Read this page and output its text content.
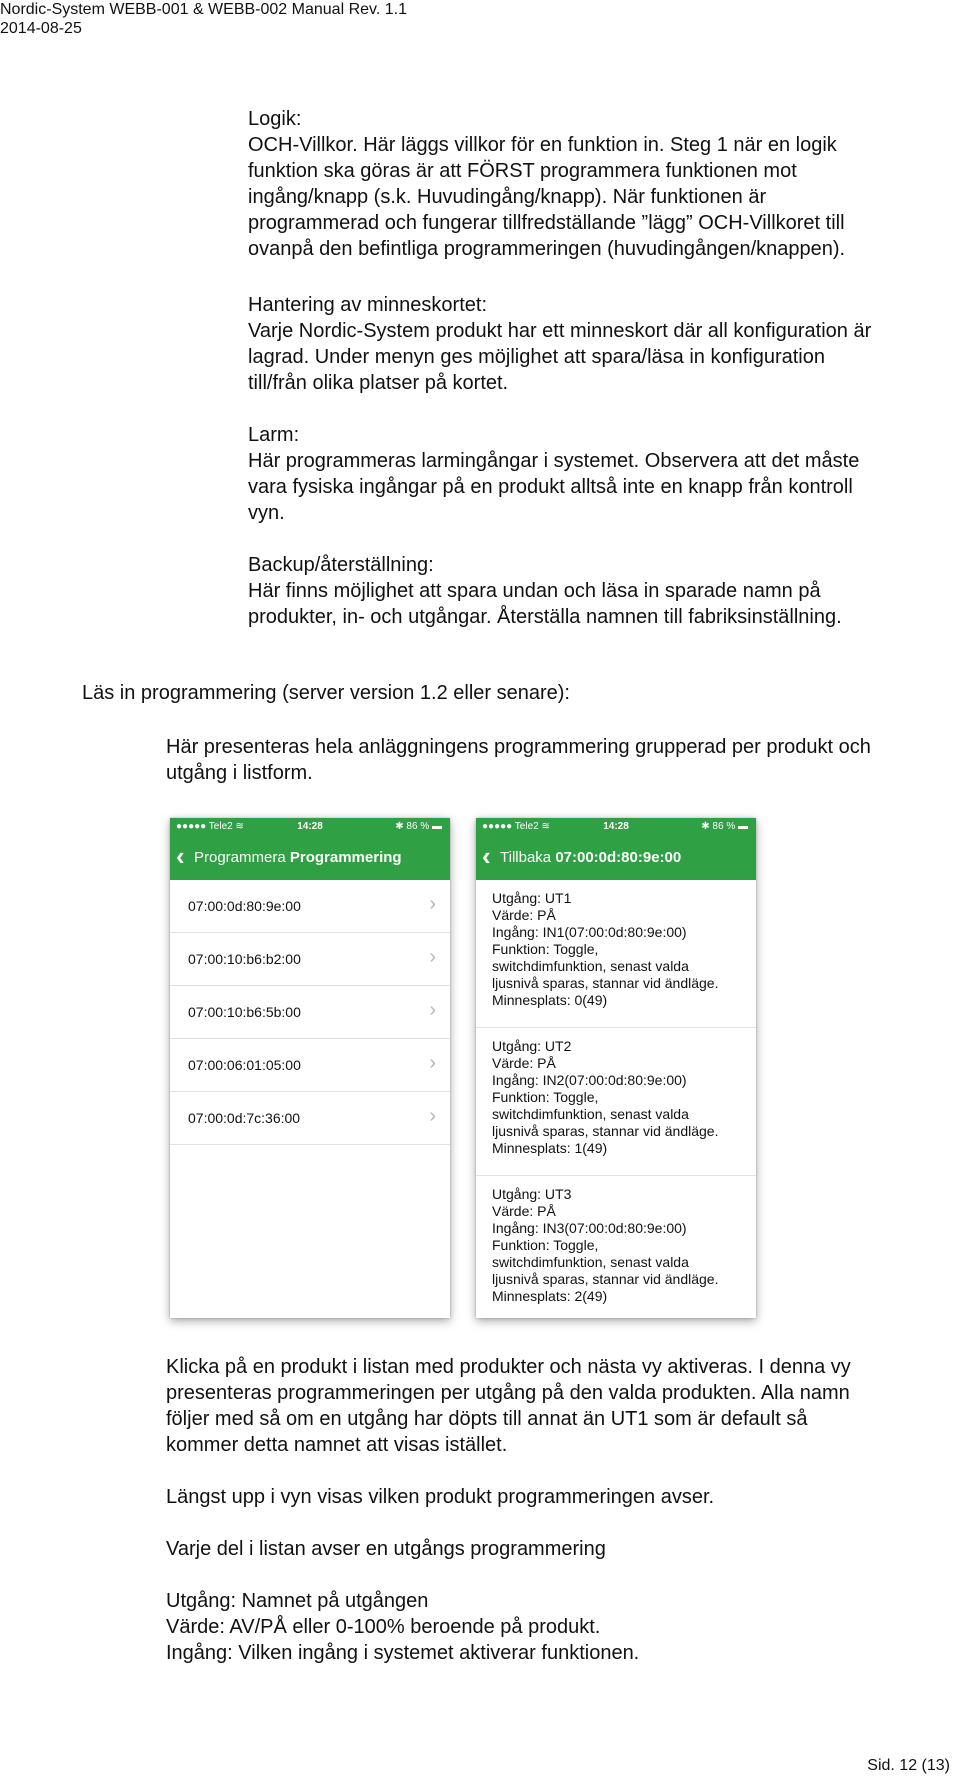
Nordic-System WEBB-001 & WEBB-002 Manual Rev. 1.1
2014-08-25
Logik:

OCH-Villkor. Här läggs villkor för en funktion in. Steg 1 när en logik

funktion ska göras är att FÖRST programmera funktionen mot

ingång/knapp (s.k. Huvudingång/knapp). När funktionen är

programmerad och fungerar tillfredställande ”lägg” OCH-Villkoret till

ovanpå den befintliga programmeringen (huvudingången/knappen).

Hantering av minneskortet:

Varje Nordic-System produkt har ett minneskort där all konfiguration är

lagrad. Under menyn ges möjlighet att spara/läsa in konfiguration

till/från olika platser på kortet.

Larm:

Här programmeras larmingångar i systemet. Observera att det måste

vara fysiska ingångar på en produkt alltså inte en knapp från kontroll

vyn.

Backup/återställning:

Här finns möjlighet att spara undan och läsa in sparade namn på

produkter, in- och utgångar. Återställa namnen till fabriksinställning.

Läs in programmering (server version 1.2 eller senare):

Här presenteras hela anläggningens programmering grupperad per produkt och

utgång i listform.

●●●●● Tele2 ≋	14:28	✱ 86 % ▬
‹ Programmera Programmering
07:00:0d:80:9e:00	›
07:00:10:b6:b2:00	›
07:00:10:b6:5b:00	›
07:00:06:01:05:00	›
07:00:0d:7c:36:00	›
●●●●● Tele2 ≋	14:28	✱ 86 % ▬
‹ Tillbaka 07:00:0d:80:9e:00
Utgång: UT1
Värde: PÅ
Ingång: IN1(07:00:0d:80:9e:00)
Funktion: Toggle,
switchdimfunktion, senast valda
ljusnivå sparas, stannar vid ändläge.
Minnesplats: 0(49)
Utgång: UT2
Värde: PÅ
Ingång: IN2(07:00:0d:80:9e:00)
Funktion: Toggle,
switchdimfunktion, senast valda
ljusnivå sparas, stannar vid ändläge.
Minnesplats: 1(49)
Utgång: UT3
Värde: PÅ
Ingång: IN3(07:00:0d:80:9e:00)
Funktion: Toggle,
switchdimfunktion, senast valda
ljusnivå sparas, stannar vid ändläge.
Minnesplats: 2(49)

Klicka på en produkt i listan med produkter och nästa vy aktiveras. I denna vy

presenteras programmeringen per utgång på den valda produkten. Alla namn

följer med så om en utgång har döpts till annat än UT1 som är default så

kommer detta namnet att visas istället.

Längst upp i vyn visas vilken produkt programmeringen avser.

Varje del i listan avser en utgångs programmering

Utgång: Namnet på utgången

Värde: AV/PÅ eller 0-100% beroende på produkt.

Ingång: Vilken ingång i systemet aktiverar funktionen.

Sid. 12 (13)
